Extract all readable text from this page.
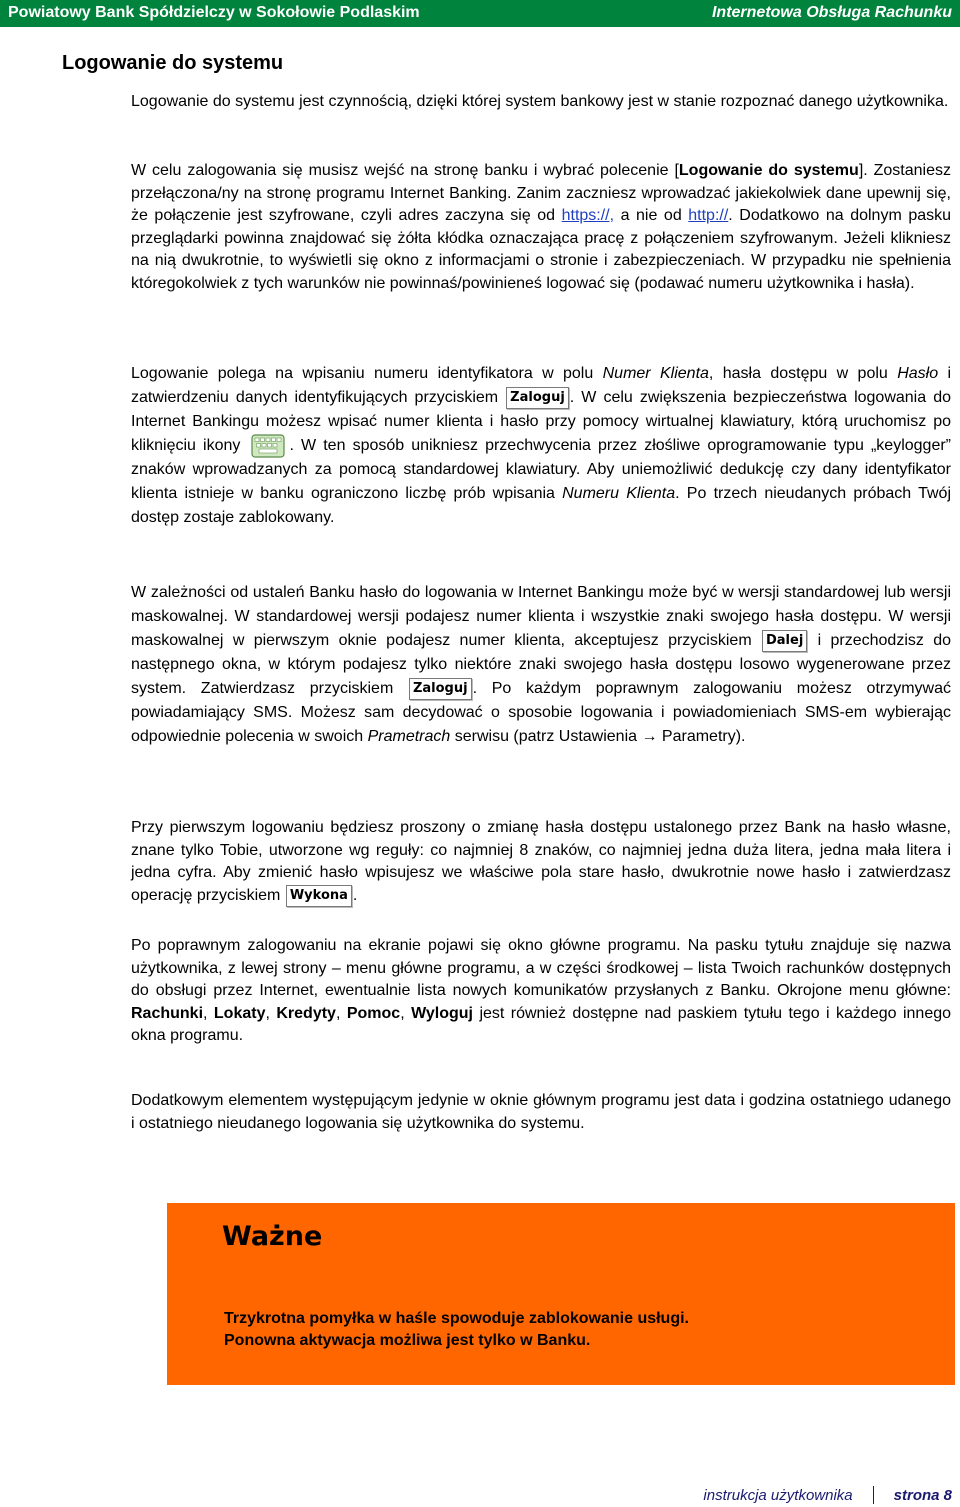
Powiatowy Bank Spółdzielczy w Sokołowie Podlaskim	Internetowa Obsługa Rachunku
Logowanie do systemu

Logowanie do systemu jest czynnością, dzięki której system bankowy jest w stanie rozpoznać danego użytkownika.

W celu zalogowania się musisz wejść na stronę banku i wybrać polecenie [Logowanie do systemu]. Zostaniesz przełączona/ny na stronę programu Internet Banking. Zanim zaczniesz wprowadzać jakiekolwiek dane upewnij się, że połączenie jest szyfrowane, czyli adres zaczyna się od https://, a nie od http://. Dodatkowo na dolnym pasku przeglądarki powinna znajdować się żółta kłódka oznaczająca pracę z połączeniem szyfrowanym. Jeżeli klikniesz na nią dwukrotnie, to wyświetli się okno z informacjami o stronie i zabezpieczeniach. W przypadku nie spełnienia któregokolwiek z tych warunków nie powinnaś/powinieneś logować się (podawać numeru użytkownika i hasła).

Logowanie polega na wpisaniu numeru identyfikatora w polu Numer Klienta, hasła dostępu w polu Hasło i zatwierdzeniu danych identyfikujących przyciskiem Zaloguj . W celu zwiększenia bezpieczeństwa logowania do Internet Bankingu możesz wpisać numer klienta i hasło przy pomocy wirtualnej klawiatury, którą uruchomisz po kliknięciu ikony	. W ten sposób unikniesz przechwycenia przez złośliwe oprogramowanie typu „keylogger” znaków wprowadzanych za pomocą standardowej klawiatury. Aby uniemożliwić dedukcję czy dany identyfikator klienta istnieje w banku ograniczono liczbę prób wpisania Numeru Klienta. Po trzech nieudanych próbach Twój dostęp zostaje zablokowany.

W zależności od ustaleń Banku hasło do logowania w Internet Bankingu może być w wersji standardowej lub wersji maskowalnej. W standardowej wersji podajesz numer klienta i wszystkie znaki swojego hasła dostępu. W wersji maskowalnej w pierwszym oknie podajesz numer klienta, akceptujesz przyciskiem Dalej i przechodzisz do następnego okna, w którym podajesz tylko niektóre znaki swojego hasła dostępu losowo wygenerowane przez system. Zatwierdzasz przyciskiem Zaloguj . Po każdym poprawnym zalogowaniu możesz otrzymywać powiadamiający SMS. Możesz sam decydować o sposobie logowania i powiadomieniach SMS-em wybierając odpowiednie polecenia w swoich Prametrach serwisu (patrz Ustawienia → Parametry).

Przy pierwszym logowaniu będziesz proszony o zmianę hasła dostępu ustalonego przez Bank na hasło własne, znane tylko Tobie, utworzone wg reguły: co najmniej 8 znaków, co najmniej jedna duża litera, jedna mała litera i jedna cyfra. Aby zmienić hasło wpisujesz we właściwe pola stare hasło, dwukrotnie nowe hasło i zatwierdzasz operację przyciskiem Wykona .

Po poprawnym zalogowaniu na ekranie pojawi się okno główne programu. Na pasku tytułu znajduje się nazwa użytkownika, z lewej strony – menu główne programu, a w części środkowej – lista Twoich rachunków dostępnych do obsługi przez Internet, ewentualnie lista nowych komunikatów przysłanych z Banku. Okrojone menu główne: Rachunki, Lokaty, Kredyty, Pomoc, Wyloguj jest również dostępne nad paskiem tytułu tego i każdego innego okna programu.

Dodatkowym elementem występującym jedynie w oknie głównym programu jest data i godzina ostatniego udanego i ostatniego nieudanego logowania się użytkownika do systemu.

Ważne
Trzykrotna pomyłka w haśle spowoduje zablokowanie usługi.
Ponowna aktywacja możliwa jest tylko w Banku.
instrukcja użytkownika	strona 8
